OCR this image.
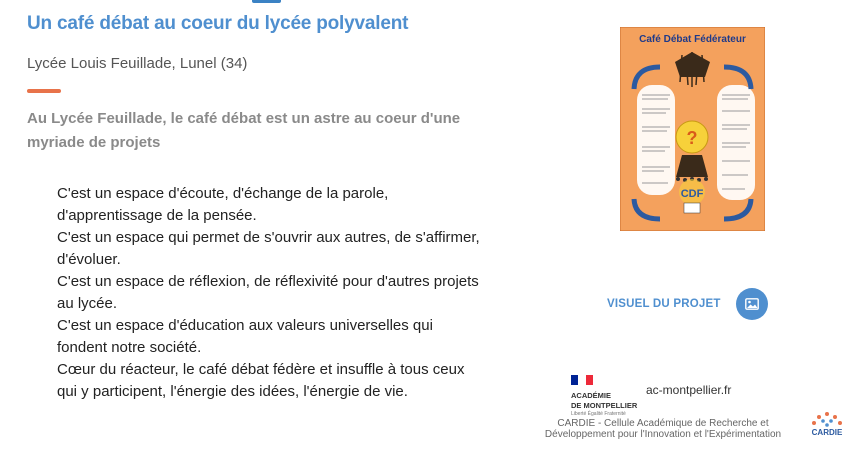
Un café débat au coeur du lycée polyvalent
Lycée Louis Feuillade, Lunel (34)
Au Lycée Feuillade, le café débat est un astre au coeur d'une myriade de projets

C'est un espace d'écoute, d'échange de la parole, d'apprentissage de la pensée.

C'est un espace qui permet de s'ouvrir aux autres, de s'affirmer, d'évoluer.

C'est un espace de réflexion, de réflexivité pour d'autres projets au lycée.

C'est un espace d'éducation aux valeurs universelles qui fondent notre société.

Cœur du réacteur, le café débat fédère et insuffle à tous ceux qui y participent, l'énergie des idées, l'énergie de vie.

Café Débat Fédérateur
?
CDF
VISUEL DU PROJET
ACADÉMIE
DE MONTPELLIER
Liberté Égalité Fraternité
ac-montpellier.fr
CARDIE - Cellule Académique de Recherche et
Développement pour l'Innovation et l'Expérimentation	CARDIE
